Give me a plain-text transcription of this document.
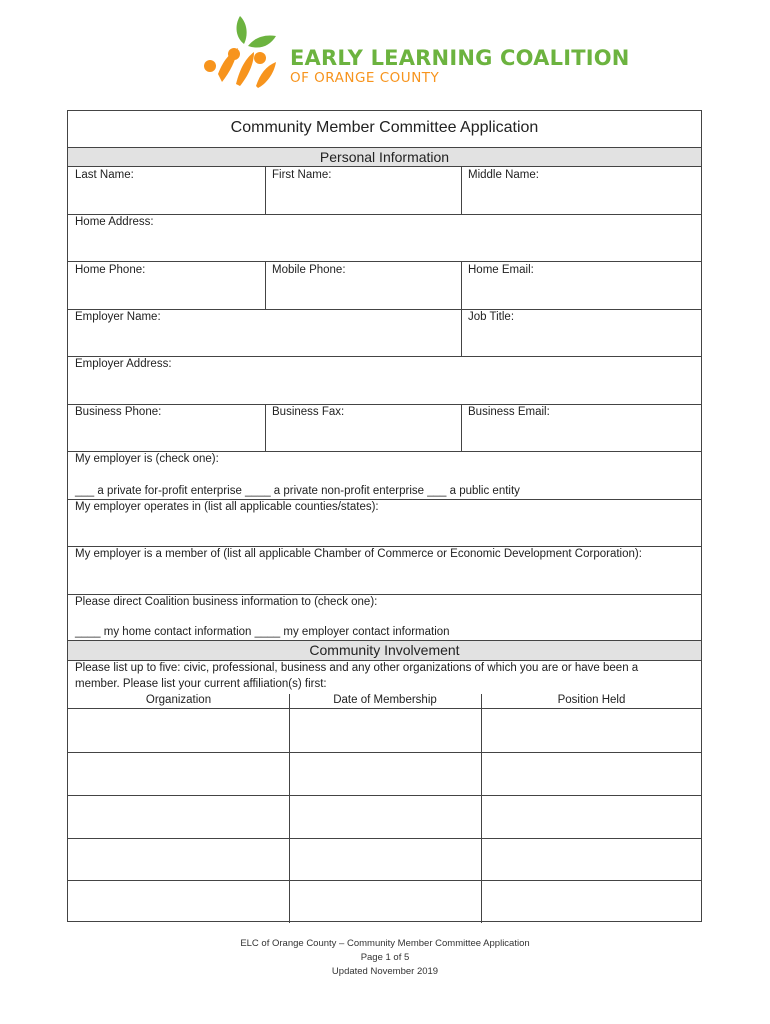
EARLY LEARNING COALITION
OF ORANGE COUNTY
Community Member Committee Application
Personal Information
Last Name:	First Name:	Middle Name:
Home Address:
Home Phone:	Mobile Phone:	Home Email:
Employer Name:	Job Title:
Employer Address:
Business Phone:	Business Fax:	Business Email:
My employer is (check one):
___ a private for-profit enterprise ____ a private non-profit enterprise ___ a public entity
My employer operates in (list all applicable counties/states):
My employer is a member of (list all applicable Chamber of Commerce or Economic Development Corporation):
Please direct Coalition business information to (check one):
____ my home contact information ____ my employer contact information
Community Involvement
Please list up to five: civic, professional, business and any other organizations of which you are or have been a
member. Please list your current affiliation(s) first:
Organization	Date of Membership	Position Held
ELC of Orange County – Community Member Committee Application
Page 1 of 5
Updated November 2019
